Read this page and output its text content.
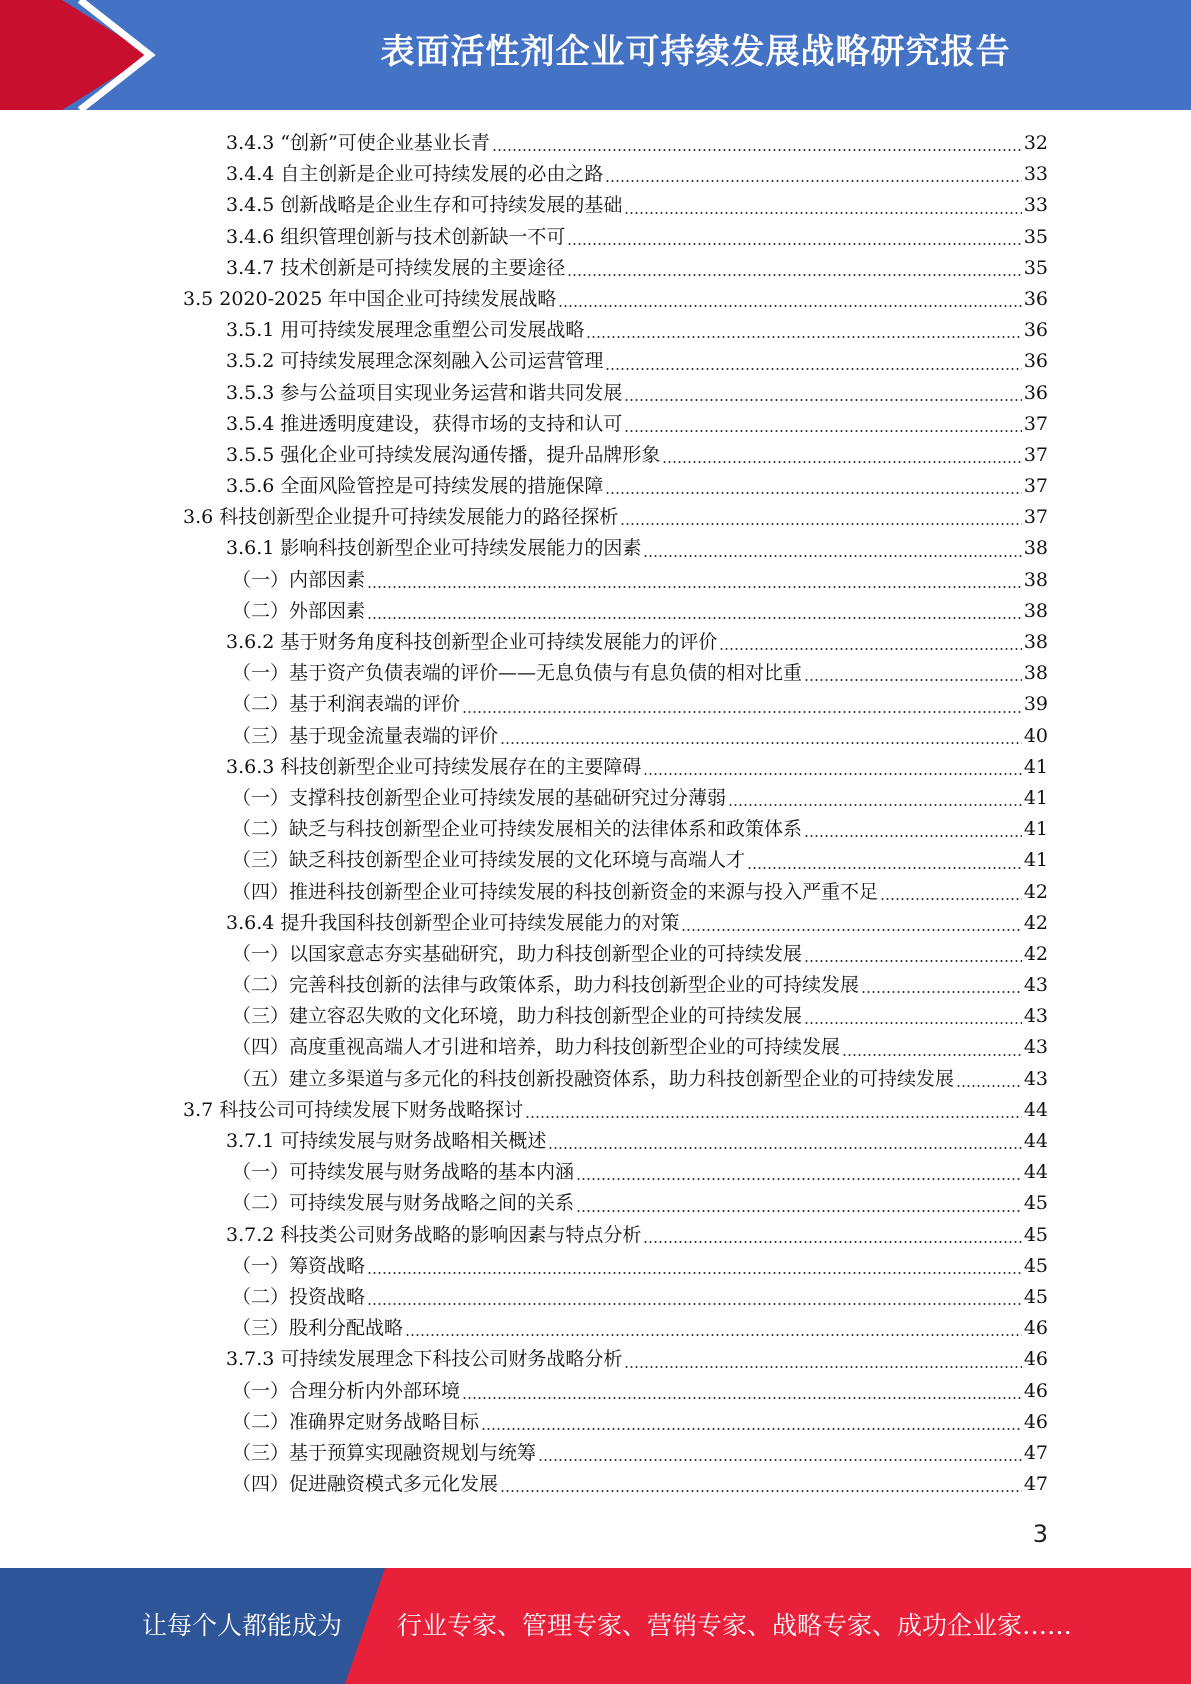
表面活性剂企业可持续发展战略研究报告
3.4.3 “创新”可使企业基业长青	32
3.4.4 自主创新是企业可持续发展的必由之路	33
3.4.5 创新战略是企业生存和可持续发展的基础	33
3.4.6 组织管理创新与技术创新缺一不可	35
3.4.7 技术创新是可持续发展的主要途径	35
3.5 2020-2025 年中国企业可持续发展战略	36
3.5.1 用可持续发展理念重塑公司发展战略	36
3.5.2 可持续发展理念深刻融入公司运营管理	36
3.5.3 参与公益项目实现业务运营和谐共同发展	36
3.5.4 推进透明度建设，获得市场的支持和认可	37
3.5.5 强化企业可持续发展沟通传播，提升品牌形象	37
3.5.6 全面风险管控是可持续发展的措施保障	37
3.6 科技创新型企业提升可持续发展能力的路径探析	37
3.6.1 影响科技创新型企业可持续发展能力的因素	38
（一）内部因素	38
（二）外部因素	38
3.6.2 基于财务角度科技创新型企业可持续发展能力的评价	38
（一）基于资产负债表端的评价——无息负债与有息负债的相对比重	38
（二）基于利润表端的评价	39
（三）基于现金流量表端的评价	40
3.6.3 科技创新型企业可持续发展存在的主要障碍	41
（一）支撑科技创新型企业可持续发展的基础研究过分薄弱	41
（二）缺乏与科技创新型企业可持续发展相关的法律体系和政策体系	41
（三）缺乏科技创新型企业可持续发展的文化环境与高端人才	41
（四）推进科技创新型企业可持续发展的科技创新资金的来源与投入严重不足	42
3.6.4 提升我国科技创新型企业可持续发展能力的对策	42
（一）以国家意志夯实基础研究，助力科技创新型企业的可持续发展	42
（二）完善科技创新的法律与政策体系，助力科技创新型企业的可持续发展	43
（三）建立容忍失败的文化环境，助力科技创新型企业的可持续发展	43
（四）高度重视高端人才引进和培养，助力科技创新型企业的可持续发展	43
（五）建立多渠道与多元化的科技创新投融资体系，助力科技创新型企业的可持续发展	43
3.7 科技公司可持续发展下财务战略探讨	44
3.7.1 可持续发展与财务战略相关概述	44
（一）可持续发展与财务战略的基本内涵	44
（二）可持续发展与财务战略之间的关系	45
3.7.2 科技类公司财务战略的影响因素与特点分析	45
（一）筹资战略	45
（二）投资战略	45
（三）股利分配战略	46
3.7.3 可持续发展理念下科技公司财务战略分析	46
（一）合理分析内外部环境	46
（二）准确界定财务战略目标	46
（三）基于预算实现融资规划与统筹	47
（四）促进融资模式多元化发展	47
3
让每个人都能成为 行业专家、管理专家、营销专家、战略专家、成功企业家……
